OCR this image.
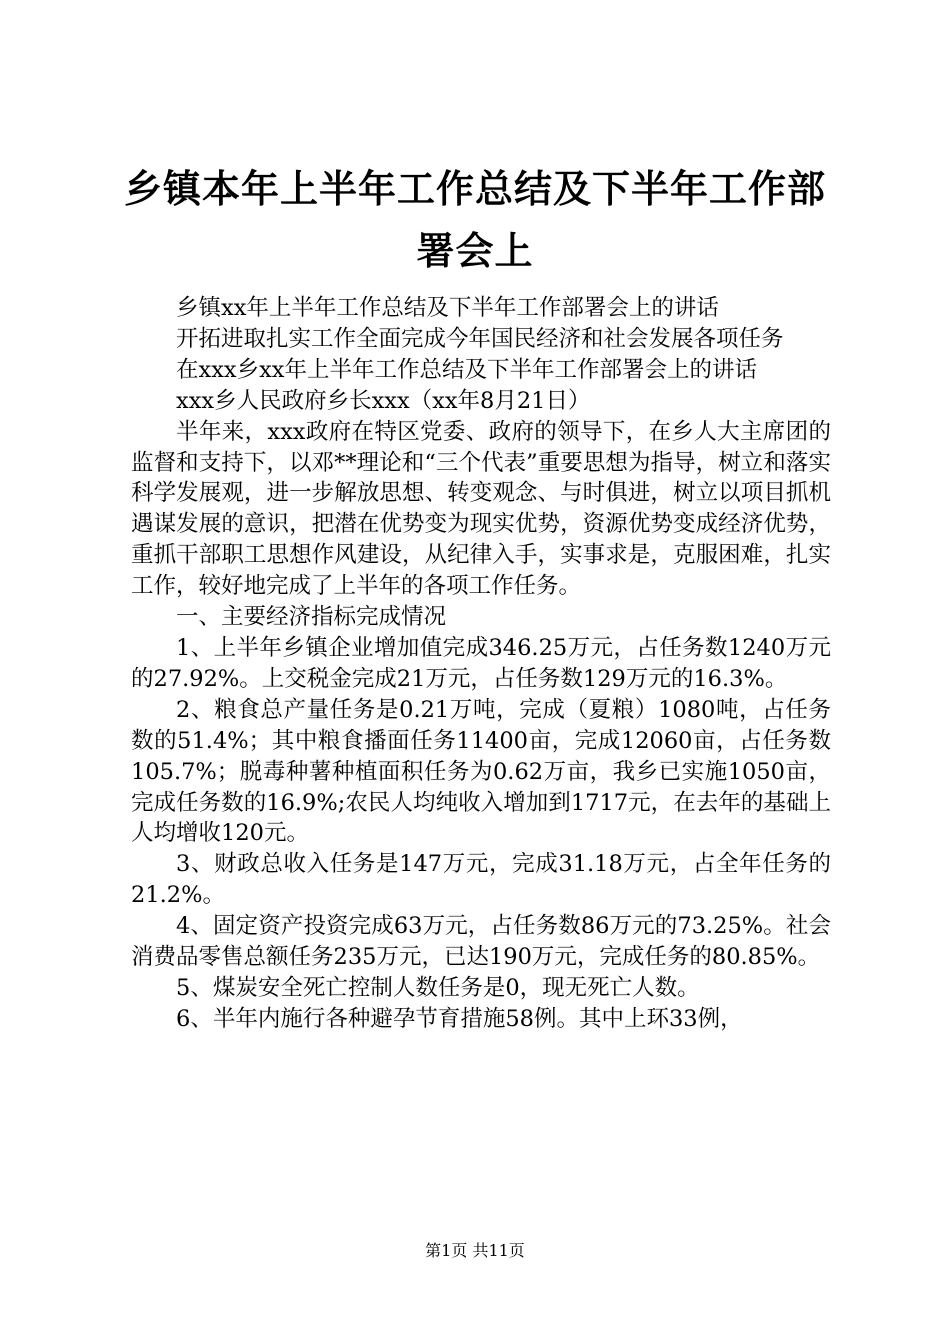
乡镇本年上半年工作总结及下半年工作部署会上

乡镇xx年上半年工作总结及下半年工作部署会上的讲话

开拓进取扎实工作全面完成今年国民经济和社会发展各项任务

在xxx乡xx年上半年工作总结及下半年工作部署会上的讲话

xxx乡人民政府乡长xxx（xx年8月21日）

半年来，xxx政府在特区党委、政府的领导下，在乡人大主席团的监督和支持下，以邓**理论和“三个代表”重要思想为指导，树立和落实科学发展观，进一步解放思想、转变观念、与时俱进，树立以项目抓机遇谋发展的意识，把潜在优势变为现实优势，资源优势变成经济优势，重抓干部职工思想作风建设，从纪律入手，实事求是，克服困难，扎实工作，较好地完成了上半年的各项工作任务。

一、主要经济指标完成情况

1、上半年乡镇企业增加值完成346.25万元，占任务数1240万元的27.92%。上交税金完成21万元，占任务数129万元的16.3%。

2、粮食总产量任务是0.21万吨，完成（夏粮）1080吨，占任务数的51.4%；其中粮食播面任务11400亩，完成12060亩，占任务数105.7%；脱毒种薯种植面积任务为0.62万亩，我乡已实施1050亩，完成任务数的16.9%;农民人均纯收入增加到1717元，在去年的基础上人均增收120元。

3、财政总收入任务是147万元，完成31.18万元，占全年任务的21.2%。

4、固定资产投资完成63万元，占任务数86万元的73.25%。社会消费品零售总额任务235万元，已达190万元，完成任务的80.85%。

5、煤炭安全死亡控制人数任务是0，现无死亡人数。

6、半年内施行各种避孕节育措施58例。其中上环33例，

第1页 共11页
